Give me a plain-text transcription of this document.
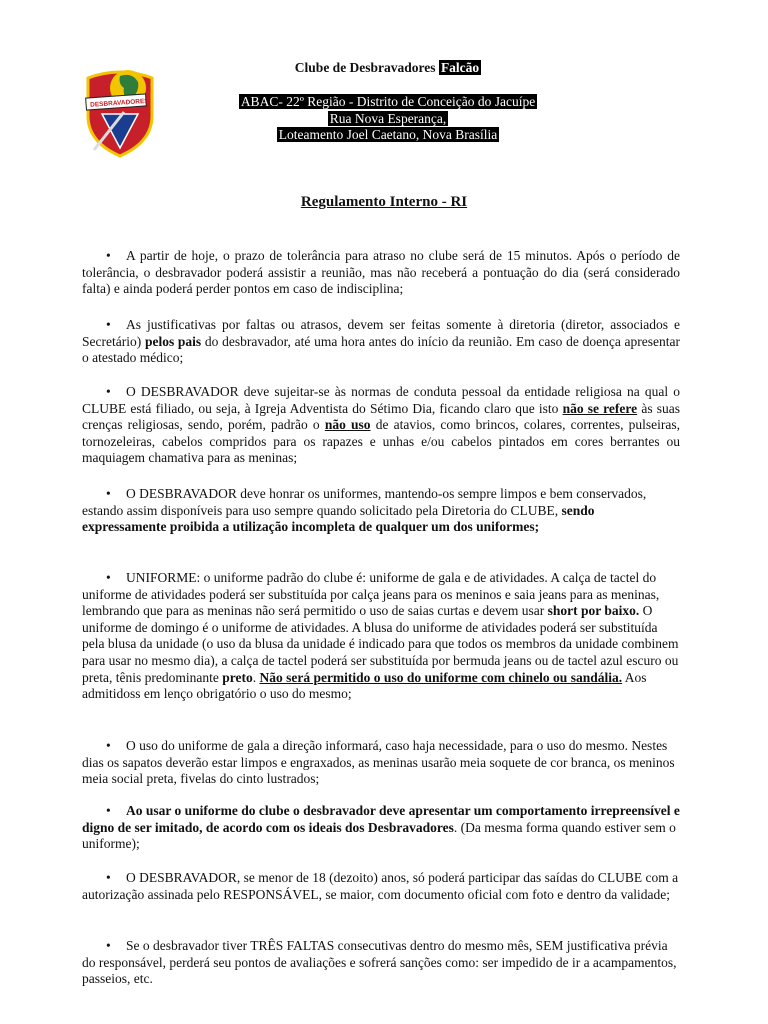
DESBRAVADORES
Clube de Desbravadores Falcão
ABAC- 22º Região - Distrito de Conceição do Jacuípe
Rua Nova Esperança,
Loteamento Joel Caetano, Nova Brasília
Regulamento Interno - RI

• A partir de hoje, o prazo de tolerância para atraso no clube será de 15 minutos. Após o período de tolerância, o desbravador poderá assistir a reunião, mas não receberá a pontuação do dia (será considerado falta) e ainda poderá perder pontos em caso de indisciplina;

• As justificativas por faltas ou atrasos, devem ser feitas somente à diretoria (diretor, associados e Secretário) pelos pais do desbravador, até uma hora antes do início da reunião. Em caso de doença apresentar o atestado médico;

• O DESBRAVADOR deve sujeitar-se às normas de conduta pessoal da entidade religiosa na qual o CLUBE está filiado, ou seja, à Igreja Adventista do Sétimo Dia, ficando claro que isto não se refere às suas crenças religiosas, sendo, porém, padrão o não uso de atavios, como brincos, colares, correntes, pulseiras, tornozeleiras, cabelos compridos para os rapazes e unhas e/ou cabelos pintados em cores berrantes ou maquiagem chamativa para as meninas;

• O DESBRAVADOR deve honrar os uniformes, mantendo-os sempre limpos e bem conservados, estando assim disponíveis para uso sempre quando solicitado pela Diretoria do CLUBE, sendo expressamente proibida a utilização incompleta de qualquer um dos uniformes;

• UNIFORME: o uniforme padrão do clube é: uniforme de gala e de atividades. A calça de tactel do uniforme de atividades poderá ser substituída por calça jeans para os meninos e saia jeans para as meninas, lembrando que para as meninas não será permitido o uso de saias curtas e devem usar short por baixo. O uniforme de domingo é o uniforme de atividades. A blusa do uniforme de atividades poderá ser substituída pela blusa da unidade (o uso da blusa da unidade é indicado para que todos os membros da unidade combinem para usar no mesmo dia), a calça de tactel poderá ser substituída por bermuda jeans ou de tactel azul escuro ou preta, tênis predominante preto. Não será permitido o uso do uniforme com chinelo ou sandália. Aos admitidoss em lenço obrigatório o uso do mesmo;

• O uso do uniforme de gala a direção informará, caso haja necessidade, para o uso do mesmo. Nestes dias os sapatos deverão estar limpos e engraxados, as meninas usarão meia soquete de cor branca, os meninos meia social preta, fivelas do cinto lustrados;

• Ao usar o uniforme do clube o desbravador deve apresentar um comportamento irrepreensível e digno de ser imitado, de acordo com os ideais dos Desbravadores. (Da mesma forma quando estiver sem o uniforme);

• O DESBRAVADOR, se menor de 18 (dezoito) anos, só poderá participar das saídas do CLUBE com a autorização assinada pelo RESPONSÁVEL, se maior, com documento oficial com foto e dentro da validade;

• Se o desbravador tiver TRÊS FALTAS consecutivas dentro do mesmo mês, SEM justificativa prévia do responsável, perderá seu pontos de avaliações e sofrerá sanções como: ser impedido de ir a acampamentos, passeios, etc.
